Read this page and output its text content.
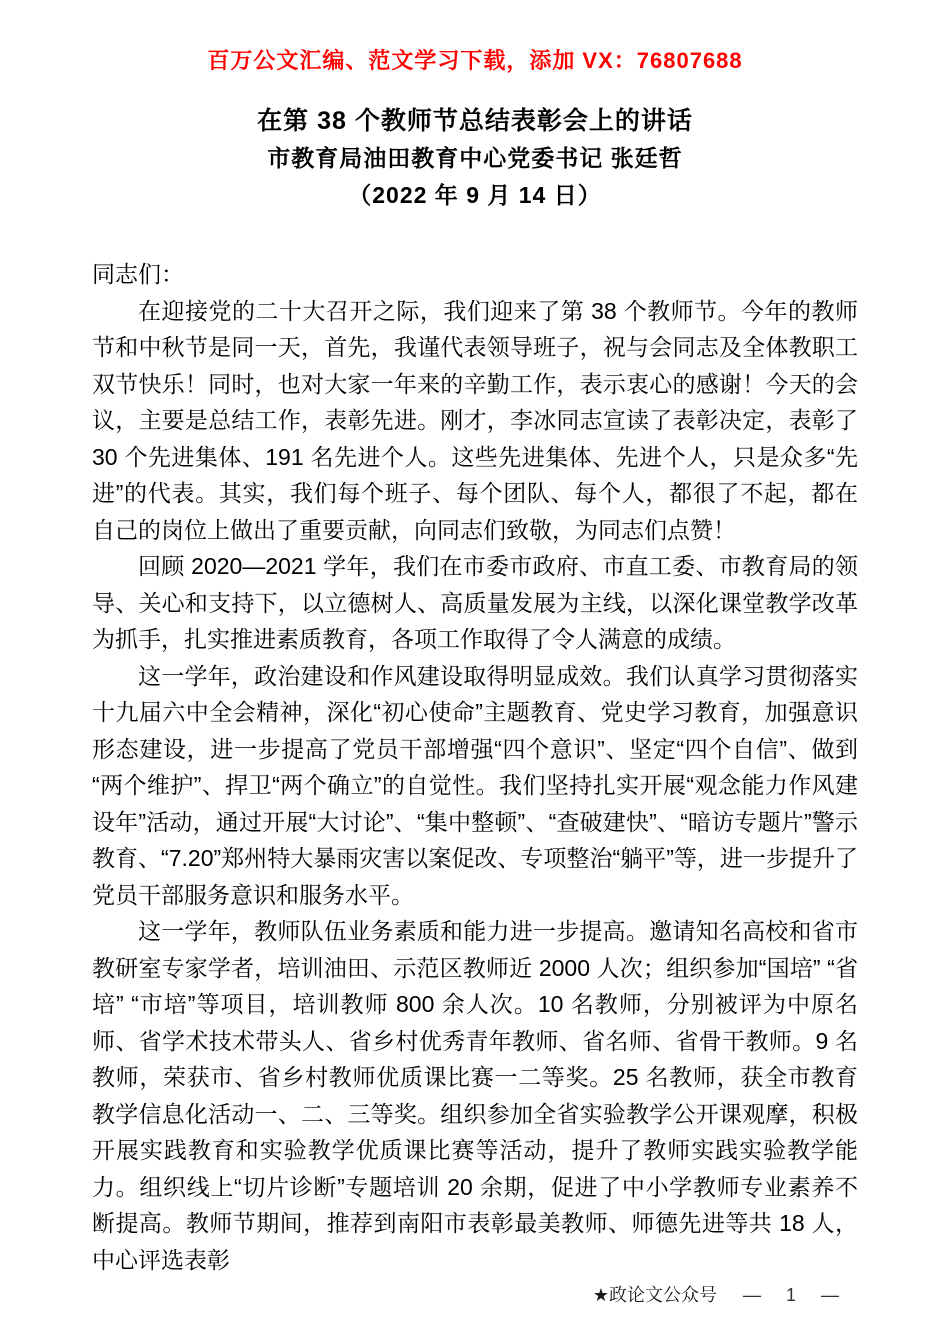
百万公文汇编、范文学习下载，添加 VX：76807688
在第 38 个教师节总结表彰会上的讲话
市教育局油田教育中心党委书记 张廷哲
（2022 年 9 月 14 日）

同志们：

在迎接党的二十大召开之际，我们迎来了第 38 个教师节。今年的教师节和中秋节是同一天，首先，我谨代表领导班子，祝与会同志及全体教职工双节快乐！同时，也对大家一年来的辛勤工作，表示衷心的感谢！今天的会议，主要是总结工作，表彰先进。刚才，李冰同志宣读了表彰决定，表彰了 30 个先进集体、191 名先进个人。这些先进集体、先进个人，只是众多“先进”的代表。其实，我们每个班子、每个团队、每个人，都很了不起，都在自己的岗位上做出了重要贡献，向同志们致敬，为同志们点赞！

回顾 2020—2021 学年，我们在市委市政府、市直工委、市教育局的领导、关心和支持下，以立德树人、高质量发展为主线，以深化课堂教学改革为抓手，扎实推进素质教育，各项工作取得了令人满意的成绩。

这一学年，政治建设和作风建设取得明显成效。我们认真学习贯彻落实十九届六中全会精神，深化“初心使命”主题教育、党史学习教育，加强意识形态建设，进一步提高了党员干部增强“四个意识”、坚定“四个自信”、做到“两个维护”、捍卫“两个确立”的自觉性。我们坚持扎实开展“观念能力作风建设年”活动，通过开展“大讨论”、“集中整顿”、“查破建快”、“暗访专题片”警示教育、“7.20”郑州特大暴雨灾害以案促改、专项整治“躺平”等，进一步提升了党员干部服务意识和服务水平。

这一学年，教师队伍业务素质和能力进一步提高。邀请知名高校和省市教研室专家学者，培训油田、示范区教师近 2000 人次；组织参加“国培” “省培” “市培”等项目，培训教师 800 余人次。10 名教师，分别被评为中原名师、省学术技术带头人、省乡村优秀青年教师、省名师、省骨干教师。9 名教师，荣获市、省乡村教师优质课比赛一二等奖。25 名教师，获全市教育教学信息化活动一、二、三等奖。组织参加全省实验教学公开课观摩，积极开展实践教育和实验教学优质课比赛等活动，提升了教师实践实验教学能力。组织线上“切片诊断”专题培训 20 余期，促进了中小学教师专业素养不断提高。教师节期间，推荐到南阳市表彰最美教师、师德先进等共 18 人，中心评选表彰

★政论文公众号 — 1 —
